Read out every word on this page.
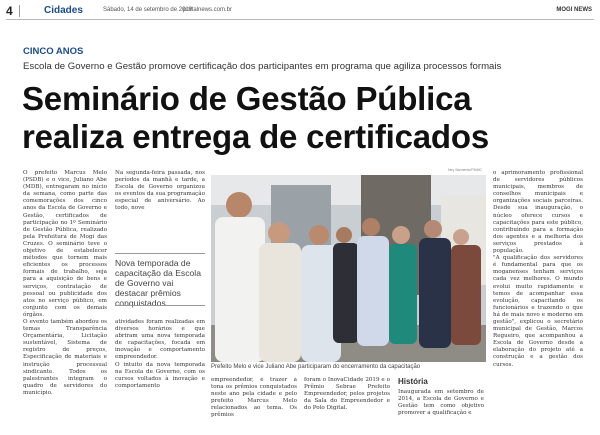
4	Cidades	Sábado, 14 de setembro de 2019
portalnews.com.br	MOGI NEWS
CINCO ANOS
Escola de Governo e Gestão promove certificação dos participantes em programa que agiliza processos formais
Seminário de Gestão Pública
realiza entrega de certificados
O prefeito Marcus Melo (PSDB) e o vice, Juliano Abe (MDB), entregaram no início da semana, como parte das comemorações dos cinco anos da Escola de Governo e Gestão, certificados de participação no 1º Seminário de Gestão Pública, realizado pela Prefeitura de Mogi das Cruzes. O seminário teve o objetivo de estabelecer métodos que tornem mais eficientes os processos formais de trabalho, seja para a aquisição de bens e serviços, contratação de pessoal ou publicidade dos atos no serviço público, em conjunto com os demais órgãos.
O evento também abordou os temas Transparência Orçamentária, Licitação sustentável, Sistema de registro de preços, Especificação de materiais e instrução processual sindicante. Todos os palestrantes integram o quadro de servidores do município.
Na segunda-feira passada, nos períodos da manhã e tarde, a Escola de Governo organizou os eventos da sua programação especial de aniversário. Ao todo, nove
Nova temporada de capacitação da Escola de Governo vai destacar prêmios conquistados
atividades foram realizadas em diversos horários e que abriram uma nova temporada de capacitações, focada em inovação e comportamento empreendedor.
O intuito da nova temporada na Escola de Governo, com os cursos voltados à inovação e comportamento
Ney Sarmento/PMMC
Prefeito Melo e vice Juliano Abe participaram do encerramento da capacitação
empreendedor, é trazer à tona os prêmios conquistados neste ano pela cidade e pelo prefeito Marcus Melo relacionados ao tema. Os prêmios
foram o InovaCidade 2019 e o Prêmio Sebrae Prefeito Empreendedor, pelos projetos da Sala do Empreendedor e do Polo Digital.
História
Inaugurada em setembro de 2014, a Escola de Governo e Gestão tem como objetivo promover a qualificação e
o aprimoramento profissional de servidores públicos municipais, membros de conselhos municipais e organizações sociais parceiras. Desde sua inauguração, o núcleo oferece cursos e capacitações para este público, contribuindo para a formação dos agentes e a melhoria dos serviços prestados à população.
"A qualificação dos servidores é fundamental para que os moganenses tenham serviços cada vez melhores. O mundo evolui muito rapidamente e temos de acompanhar essa evolução, capacitando os funcionários e trazendo o que há de mais novo e moderno em gestão", explicou o secretário municipal de Gestão, Marcos Regueiro, que acompanhou a Escola de Governo desde a elaboração do projeto até a construção e a gestão dos cursos.
